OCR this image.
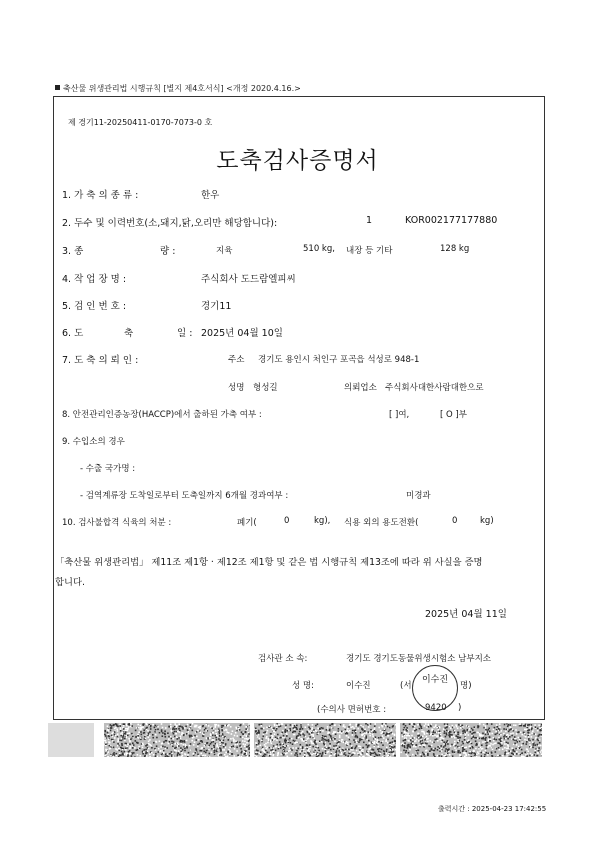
축산물 위생관리법 시행규칙 [별지 제4호서식] <개정 2020.4.16.>
제 경기11-20250411-0170-7073-0 호
도축검사증명서
1. 가 축 의 종 류 :	한우
2. 두수 및 이력번호(소,돼지,닭,오리만 해당합니다):	1	KOR002177177880
3. 종	량 :	지육	510 kg, 내장 등 기타	128 kg
4. 작 업 장 명 :	주식회사 도드람엘피씨
5. 검 인 번 호 :	경기11
6. 도	축	일 : 2025년 04월 10일
7. 도 축 의 뢰 인 :	주소 경기도 용인시 처인구 포곡읍 석성로 948-1
성명 형성길	의뢰업소 주식회사대한사람대한으로
8. 안전관리인증농장(HACCP)에서 출하된 가축 여부 :	[ ]여,	[ O ]부
9. 수입소의 경우
- 수출 국가명 :
- 검역계류장 도착일로부터 도축일까지 6개월 경과여부 :	미경과
10. 검사불합격 식육의 처분 :	폐기(	0	kg), 식용 외의 용도전환(	0	kg)
「축산물 위생관리법」 제11조 제1항 · 제12조 제1항 및 같은 법 시행규칙 제13조에 따라 위 사실을 증명
합니다.
2025년 04월 11일
검사관 소 속:	경기도 경기도동물위생시험소 남부지소
성 명:	이수진	(서	명)
이수진
(수의사 면허번호 :	9420 )
출력시간 : 2025-04-23 17:42:55
